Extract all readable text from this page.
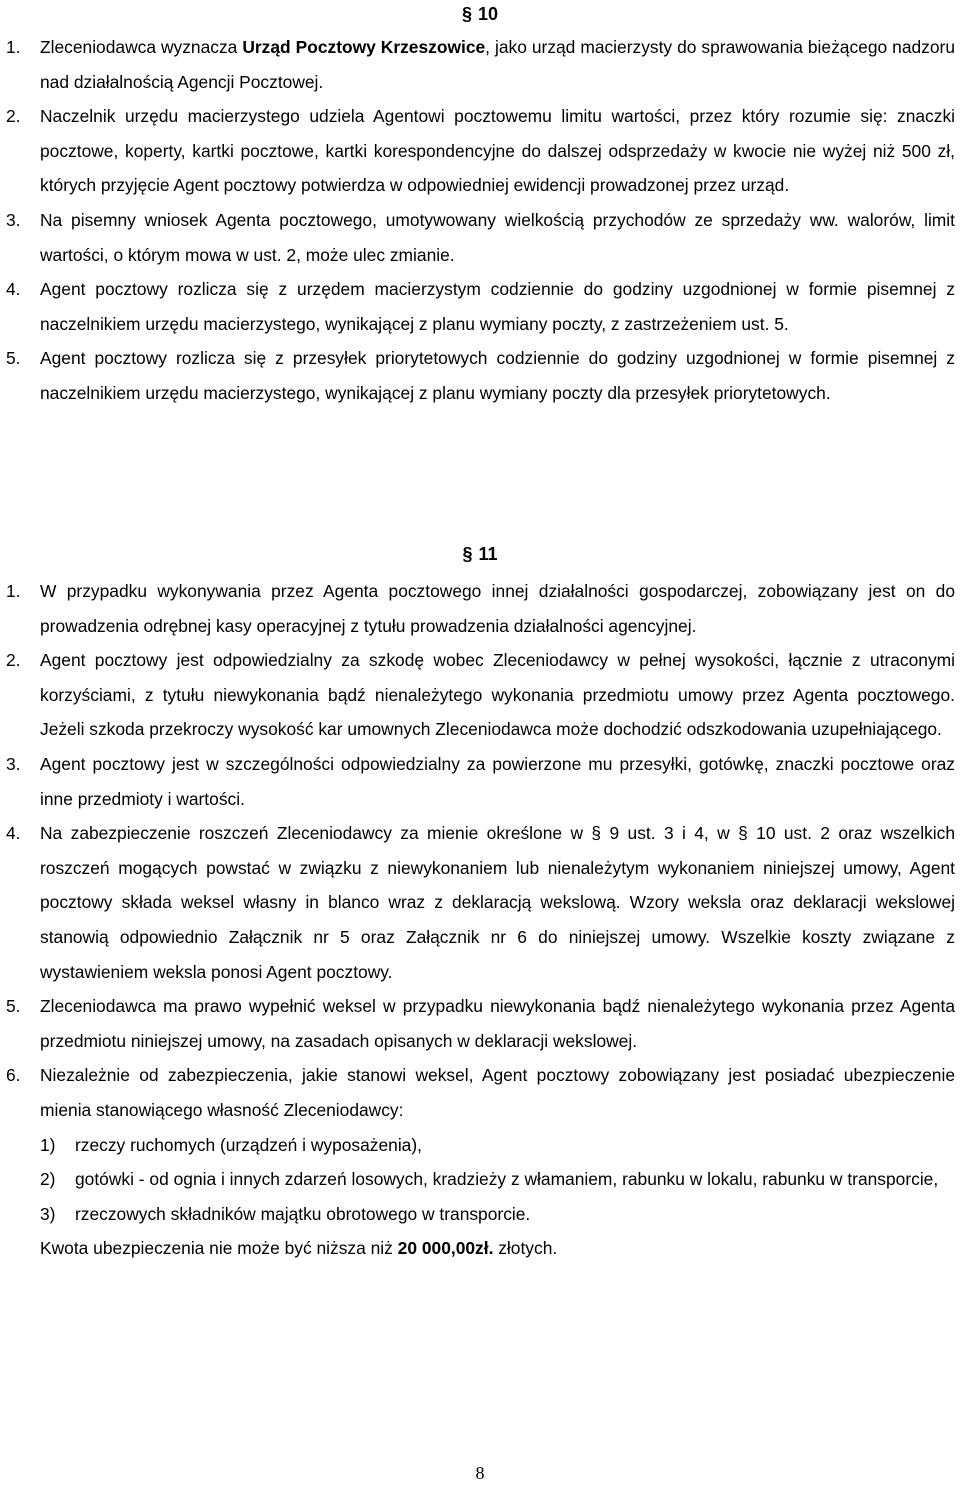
§ 10
1. Zleceniodawca wyznacza Urząd Pocztowy Krzeszowice, jako urząd macierzysty do sprawowania bieżącego nadzoru nad działalnością Agencji Pocztowej.
2. Naczelnik urzędu macierzystego udziela Agentowi pocztowemu limitu wartości, przez który rozumie się: znaczki pocztowe, koperty, kartki pocztowe, kartki korespondencyjne do dalszej odsprzedaży w kwocie nie wyżej niż 500 zł, których przyjęcie Agent pocztowy potwierdza w odpowiedniej ewidencji prowadzonej przez urząd.
3. Na pisemny wniosek Agenta pocztowego, umotywowany wielkością przychodów ze sprzedaży ww. walorów, limit wartości, o którym mowa w ust. 2, może ulec zmianie.
4. Agent pocztowy rozlicza się z urzędem macierzystym codziennie do godziny uzgodnionej w formie pisemnej z naczelnikiem urzędu macierzystego, wynikającej z planu wymiany poczty, z zastrzeżeniem ust. 5.
5. Agent pocztowy rozlicza się z przesyłek priorytetowych codziennie do godziny uzgodnionej w formie pisemnej z naczelnikiem urzędu macierzystego, wynikającej z planu wymiany poczty dla przesyłek priorytetowych.
§ 11
1. W przypadku wykonywania przez Agenta pocztowego innej działalności gospodarczej, zobowiązany jest on do prowadzenia odrębnej kasy operacyjnej z tytułu prowadzenia działalności agencyjnej.
2. Agent pocztowy jest odpowiedzialny za szkodę wobec Zleceniodawcy w pełnej wysokości, łącznie z utraconymi korzyściami, z tytułu niewykonania bądź nienależytego wykonania przedmiotu umowy przez Agenta pocztowego. Jeżeli szkoda przekroczy wysokość kar umownych Zleceniodawca może dochodzić odszkodowania uzupełniającego.
3. Agent pocztowy jest w szczególności odpowiedzialny za powierzone mu przesyłki, gotówkę, znaczki pocztowe oraz inne przedmioty i wartości.
4. Na zabezpieczenie roszczeń Zleceniodawcy za mienie określone w § 9 ust. 3 i 4, w § 10 ust. 2 oraz wszelkich roszczeń mogących powstać w związku z niewykonaniem lub nienależytym wykonaniem niniejszej umowy, Agent pocztowy składa weksel własny in blanco wraz z deklaracją wekslową. Wzory weksla oraz deklaracji wekslowej stanowią odpowiednio Załącznik nr 5 oraz Załącznik nr 6 do niniejszej umowy. Wszelkie koszty związane z wystawieniem weksla ponosi Agent pocztowy.
5. Zleceniodawca ma prawo wypełnić weksel w przypadku niewykonania bądź nienależytego wykonania przez Agenta przedmiotu niniejszej umowy, na zasadach opisanych w deklaracji wekslowej.
6. Niezależnie od zabezpieczenia, jakie stanowi weksel, Agent pocztowy zobowiązany jest posiadać ubezpieczenie mienia stanowiącego własność Zleceniodawcy:
1) rzeczy ruchomych (urządzeń i wyposażenia),
2) gotówki - od ognia i innych zdarzeń losowych, kradzieży z włamaniem, rabunku w lokalu, rabunku w transporcie,
3) rzeczowych składników majątku obrotowego w transporcie.
Kwota ubezpieczenia nie może być niższa niż 20 000,00zł. złotych.
8
